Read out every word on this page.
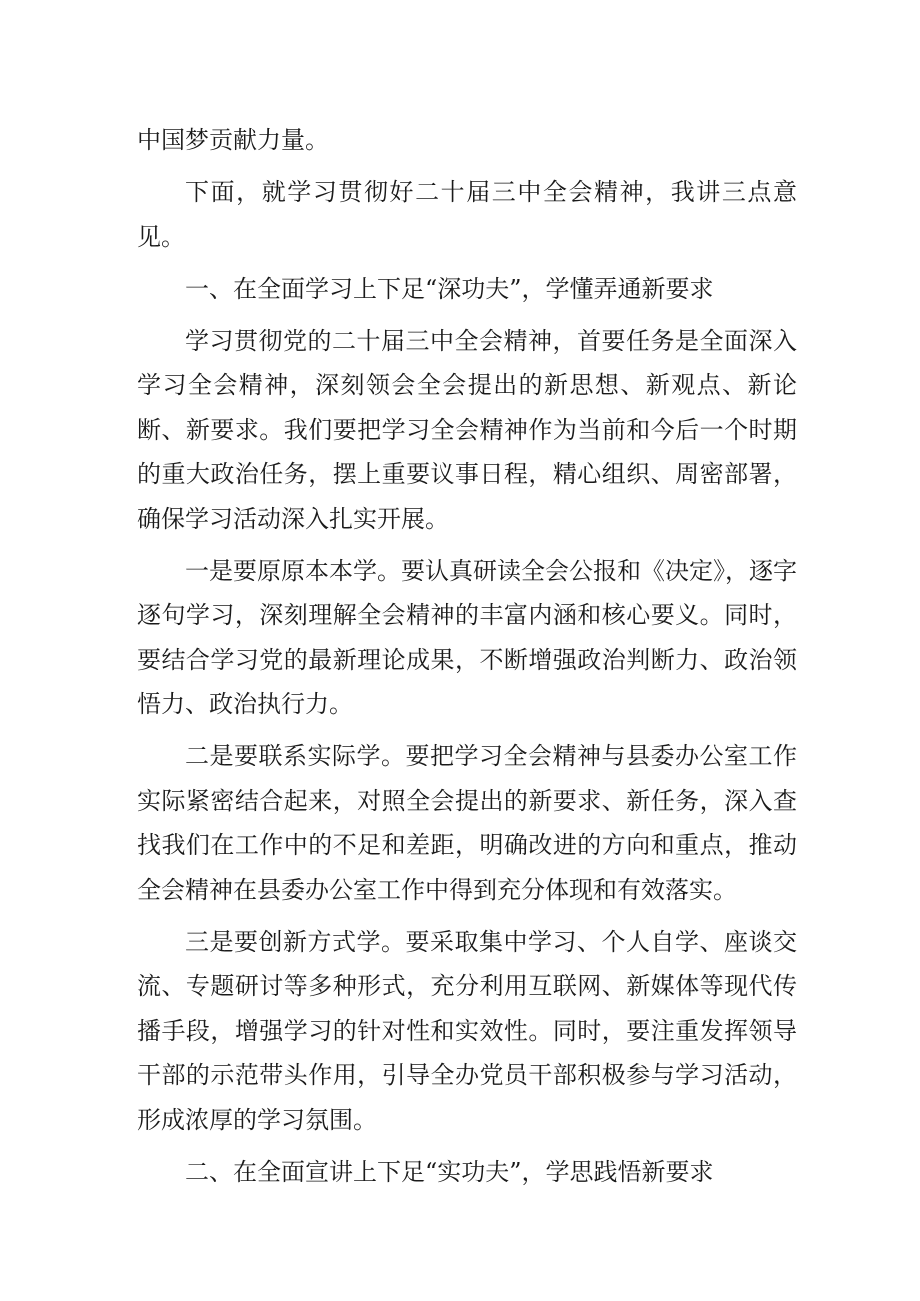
中国梦贡献力量。

下面，就学习贯彻好二十届三中全会精神，我讲三点意见。

一、在全面学习上下足“深功夫”，学懂弄通新要求

学习贯彻党的二十届三中全会精神，首要任务是全面深入学习全会精神，深刻领会全会提出的新思想、新观点、新论断、新要求。我们要把学习全会精神作为当前和今后一个时期的重大政治任务，摆上重要议事日程，精心组织、周密部署，确保学习活动深入扎实开展。

一是要原原本本学。要认真研读全会公报和《决定》，逐字逐句学习，深刻理解全会精神的丰富内涵和核心要义。同时，要结合学习党的最新理论成果，不断增强政治判断力、政治领悟力、政治执行力。

二是要联系实际学。要把学习全会精神与县委办公室工作实际紧密结合起来，对照全会提出的新要求、新任务，深入查找我们在工作中的不足和差距，明确改进的方向和重点，推动全会精神在县委办公室工作中得到充分体现和有效落实。

三是要创新方式学。要采取集中学习、个人自学、座谈交流、专题研讨等多种形式，充分利用互联网、新媒体等现代传播手段，增强学习的针对性和实效性。同时，要注重发挥领导干部的示范带头作用，引导全办党员干部积极参与学习活动，形成浓厚的学习氛围。

二、在全面宣讲上下足“实功夫”，学思践悟新要求
